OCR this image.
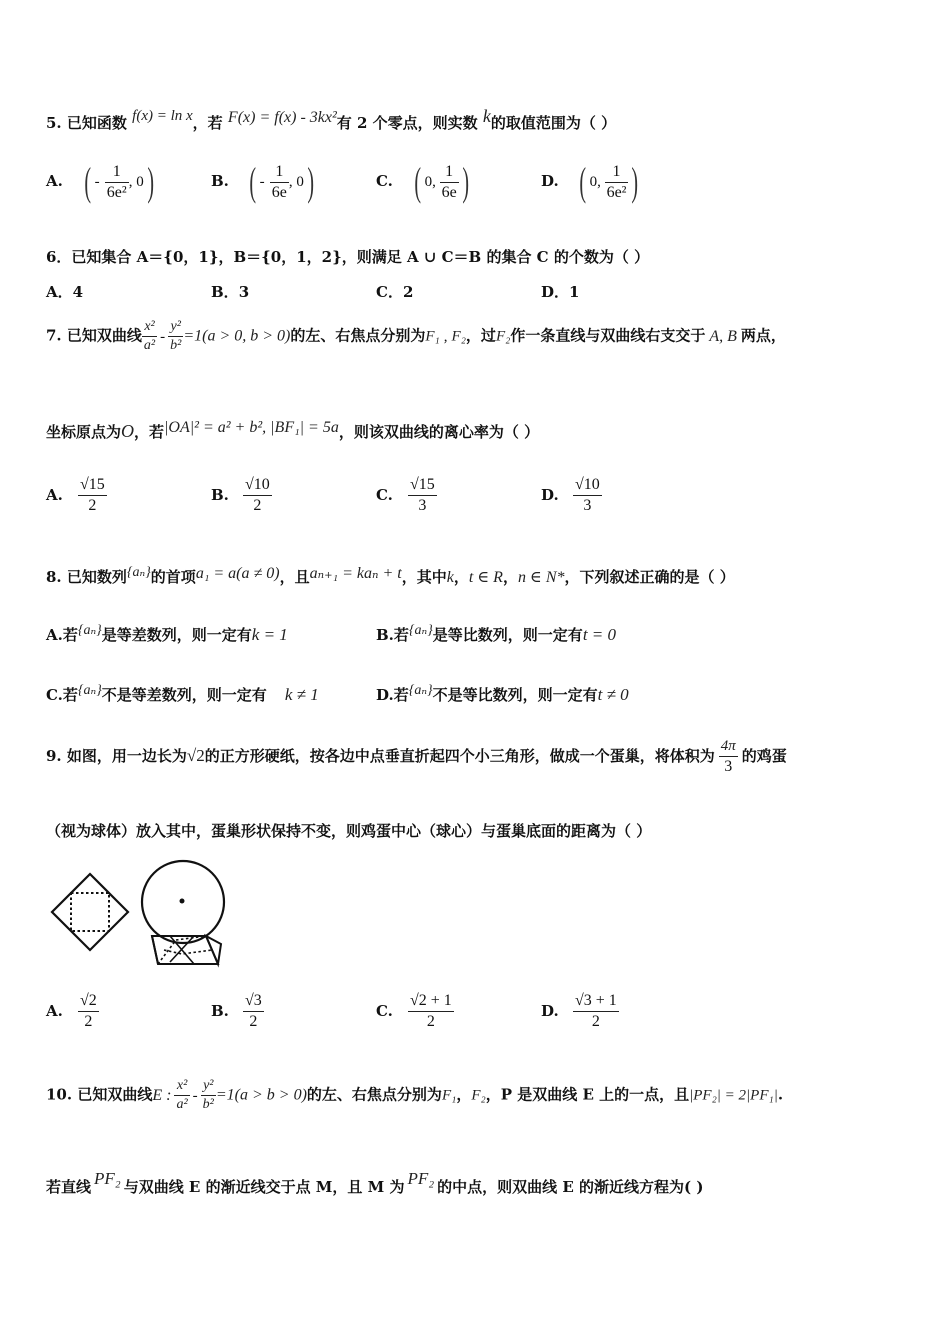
5. 已知函数 f(x) = ln x，若 F(x) = f(x) - 3kx²有 2 个零点，则实数 k的取值范围为（ ）
A. ( - $\frac{1}{\text{6e²}}$ , 0)	B. ( - $\frac{1}{6e}$ , 0)	C. ( 0, $\frac{1}{6e}$ )	D. ( 0, $\frac{1}{\text{6e²}}$ )
6．已知集合 A＝{0，1}，B＝{0，1，2}，则满足 A ∪ C＝B 的集合 C 的个数为（ ）
A．4	B．3	C．2	D．1
7. 已知双曲线 $\frac{\text{x²}}{\text{a²}} - \frac{\text{y²}}{\text{b²}} =1(a > 0$, b > 0)的左、右焦点分别为F₁ , F₂，过F₂作一条直线与双曲线右支交于 A, B 两点，
坐标原点为O，若|OA|² = a² + b², |BF₁| = 5a，则该双曲线的离心率为（ ）
A. $\frac{√15}{2}$	B. $\frac{√10}{2}$	C. $\frac{√15}{3}$	D. $\frac{√10}{3}$
8. 已知数列{aₙ}的首项a₁ = a(a ≠ 0)，且aₙ₊₁ = kaₙ + t，其中k，t ∈ R，n ∈ N*，下列叙述正确的是（ ）
A.若{aₙ}是等差数列，则一定有k = 1	B.若{aₙ}是等比数列，则一定有t = 0
C.若{aₙ}不是等差数列，则一定有 k ≠ 1	D.若{aₙ}不是等比数列，则一定有t ≠ 0
9. 如图，用一边长为√2的正方形硬纸，按各边中点垂直折起四个小三角形，做成一个蛋巢，将体积为 $\frac{4\pi}{3}$ 的鸡蛋
（视为球体）放入其中，蛋巢形状保持不变，则鸡蛋中心（球心）与蛋巢底面的距离为（ ）
A. $\frac{√2}{2}$	B. $\frac{√3}{2}$	C. $\frac{√2 + 1}{2}$	D. $\frac{√3 + 1}{2}$
10. 已知双曲线E : $\frac{\text{x²}}{\text{a²}} - \frac{\text{y²}}{\text{b²}} =1(a > b > 0)$的左、右焦点分别为F₁，F₂，P 是双曲线 E 上的一点，且|PF₂| = 2|PF₁|.
若直线 PF₂ 与双曲线 E 的渐近线交于点 M，且 M 为 PF₂ 的中点，则双曲线 E 的渐近线方程为( )
